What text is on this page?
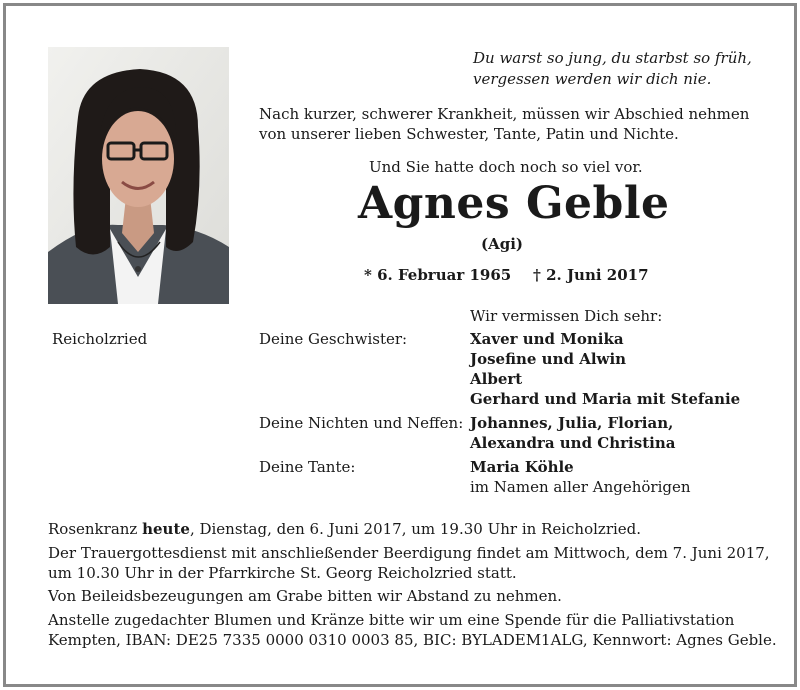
Du warst so jung, du starbst so früh,
vergessen werden wir dich nie.
Nach kurzer, schwerer Krankheit, müssen wir Abschied nehmen
von unserer lieben Schwester, Tante, Patin und Nichte.
Und Sie hatte doch noch so viel vor.
Agnes Geble
(Agi)
* 6. Februar 1965 † 2. Juni 2017
Wir vermissen Dich sehr:
Reicholzried	Deine Geschwister:	Xaver und Monika
Josefine und Alwin
Albert
Gerhard und Maria mit Stefanie
Deine Nichten und Neffen: Johannes, Julia, Florian,
Alexandra und Christina
Deine Tante:	Maria Köhle
im Namen aller Angehörigen
Rosenkranz heute, Dienstag, den 6. Juni 2017, um 19.30 Uhr in Reicholzried.
Der Trauergottesdienst mit anschließender Beerdigung findet am Mittwoch, dem 7. Juni 2017,
um 10.30 Uhr in der Pfarrkirche St. Georg Reicholzried statt.
Von Beileidsbezeugungen am Grabe bitten wir Abstand zu nehmen.
Anstelle zugedachter Blumen und Kränze bitte wir um eine Spende für die Palliativstation
Kempten, IBAN: DE25 7335 0000 0310 0003 85, BIC: BYLADEM1ALG, Kennwort: Agnes Geble.
